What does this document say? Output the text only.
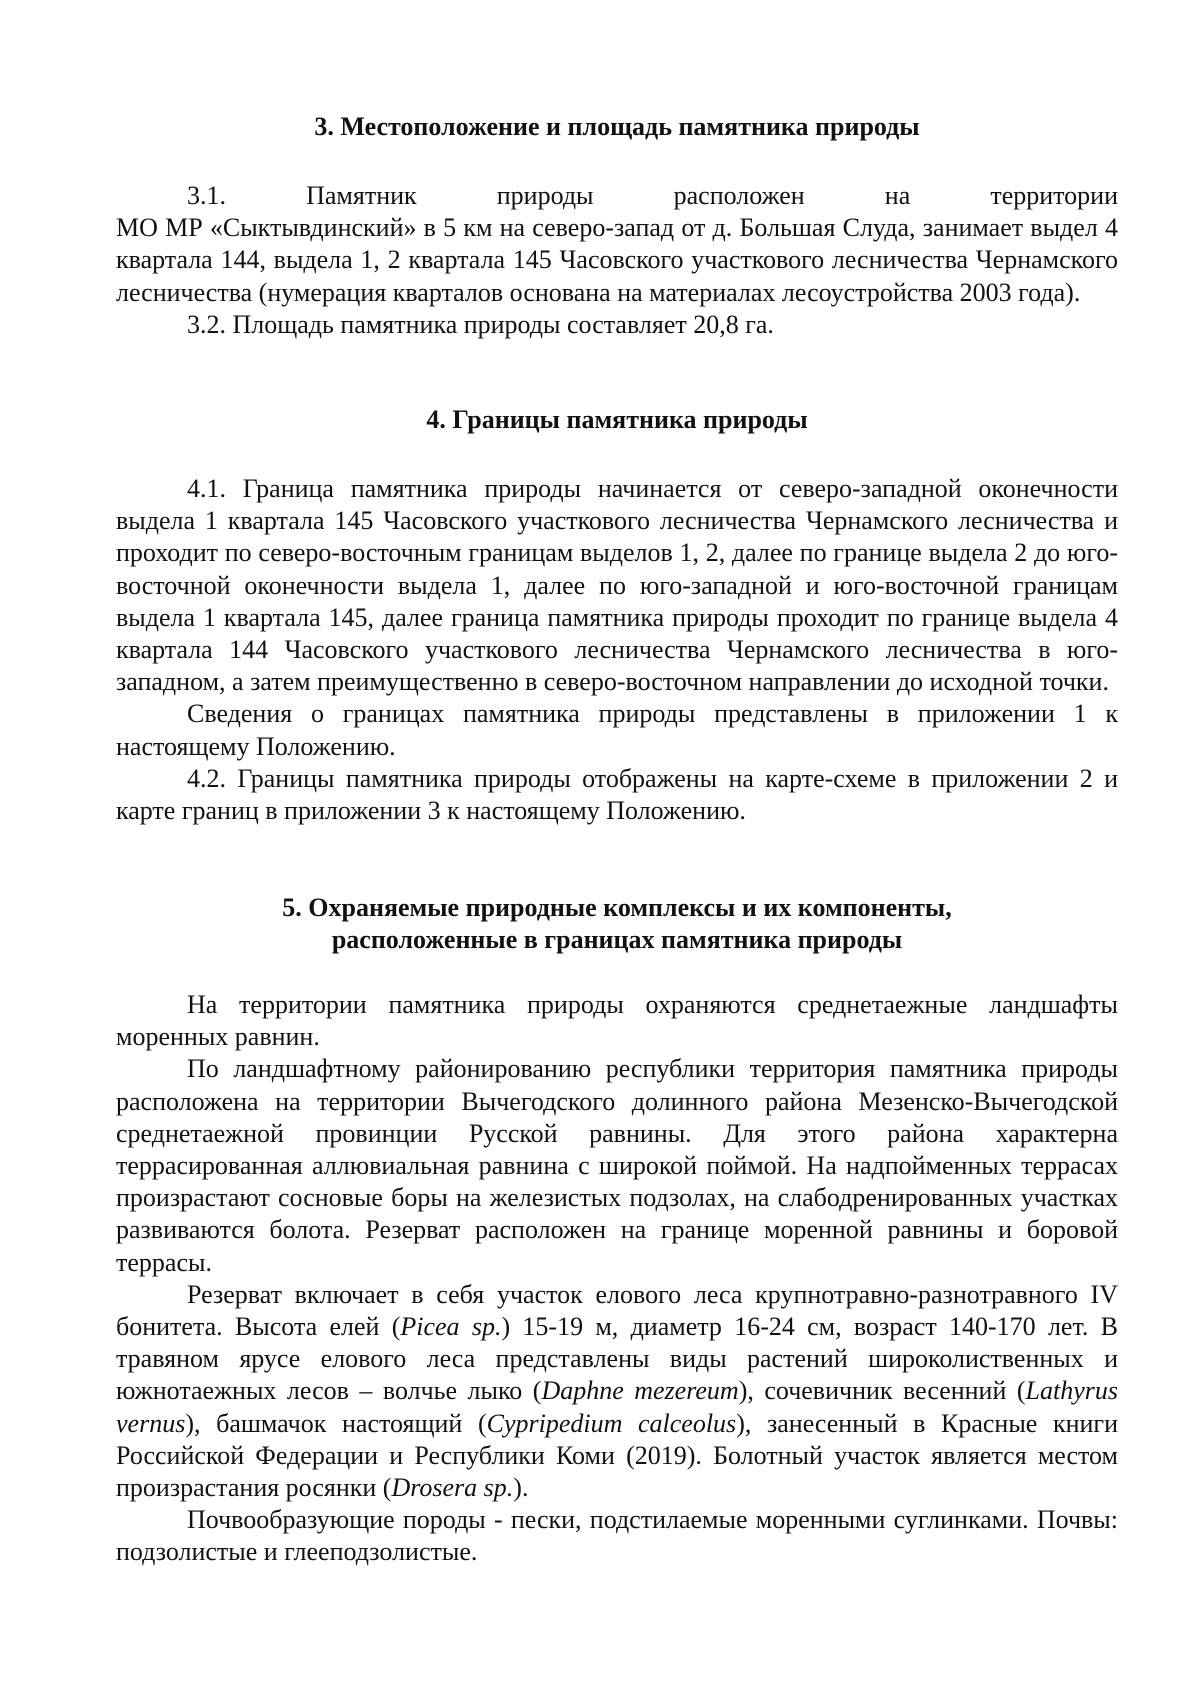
3. Местоположение и площадь памятника природы

3.1. Памятник природы расположен на территории
МО МР «Сыктывдинский» в 5 км на северо-запад от д. Большая Слуда, занимает выдел 4 квартала 144, выдела 1, 2 квартала 145 Часовского участкового лесничества Чернамского лесничества (нумерация кварталов основана на материалах лесоустройства 2003 года).

3.2. Площадь памятника природы составляет 20,8 га.

4. Границы памятника природы

4.1. Граница памятника природы начинается от северо-западной оконечности выдела 1 квартала 145 Часовского участкового лесничества Чернамского лесничества и проходит по северо-восточным границам выделов 1, 2, далее по границе выдела 2 до юго-восточной оконечности выдела 1, далее по юго-западной и юго-восточной границам выдела 1 квартала 145, далее граница памятника природы проходит по границе выдела 4 квартала 144 Часовского участкового лесничества Чернамского лесничества в юго-западном, а затем преимущественно в северо-восточном направлении до исходной точки.

Сведения о границах памятника природы представлены в приложении 1 к настоящему Положению.

4.2. Границы памятника природы отображены на карте-схеме в приложении 2 и карте границ в приложении 3 к настоящему Положению.

5. Охраняемые природные комплексы и их компоненты,
расположенные в границах памятника природы

На территории памятника природы охраняются среднетаежные ландшафты моренных равнин.

По ландшафтному районированию республики территория памятника природы расположена на территории Вычегодского долинного района Мезенско-Вычегодской среднетаежной провинции Русской равнины. Для этого района характерна террасированная аллювиальная равнина с широкой поймой. На надпойменных террасах произрастают сосновые боры на железистых подзолах, на слабодренированных участках развиваются болота. Резерват расположен на границе моренной равнины и боровой террасы.

Резерват включает в себя участок елового леса крупнотравно-разнотравного IV бонитета. Высота елей (Picea sp.) 15-19 м, диаметр 16-24 см, возраст 140-170 лет. В травяном ярусе елового леса представлены виды растений широколиственных и южнотаежных лесов – волчье лыко (Daphne mezereum), сочевичник весенний (Lathyrus vernus), башмачок настоящий (Cypripedium calceolus), занесенный в Красные книги Российской Федерации и Республики Коми (2019). Болотный участок является местом произрастания росянки (Drosera sp.).

Почвообразующие породы - пески, подстилаемые моренными суглинками. Почвы: подзолистые и глееподзолистые.
